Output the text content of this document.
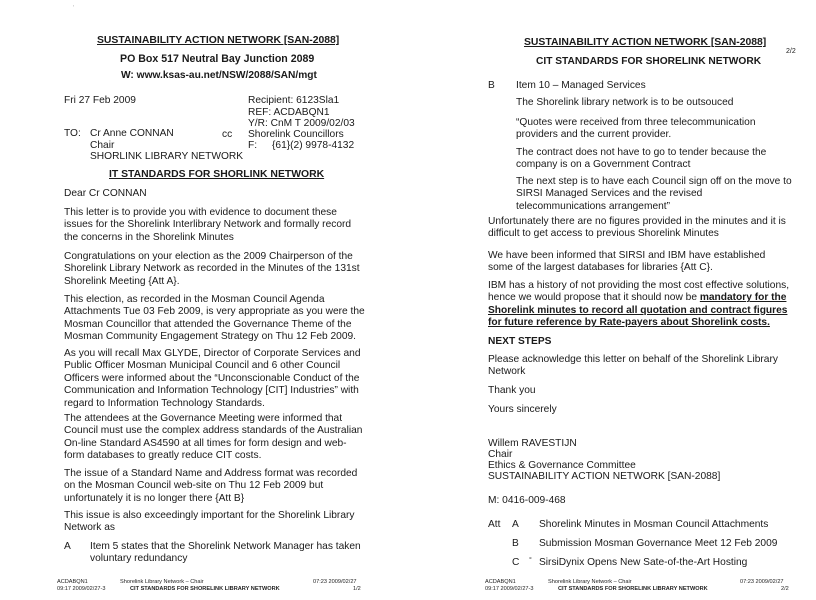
ˈ
SUSTAINABILITY ACTION NETWORK [SAN-2088]
PO Box 517 Neutral Bay Junction 2089
W: www.ksas-au.net/NSW/2088/SAN/mgt
Fri 27 Feb 2009	Recipient: 6123Sla1
REF: ACDABQN1
Y/R: CnM T 2009/02/03
TO: Cr Anne CONNAN	cc Shorelink Councillors
Chair	F: {61}(2) 9978-4132
SHORLINK LIBRARY NETWORK
IT STANDARDS FOR SHORLINK NETWORK
Dear Cr CONNAN
This letter is to provide you with evidence to document these
issues for the Shorelink Interlibrary Network and formally record
the concerns in the Shorelink Minutes
Congratulations on your election as the 2009 Chairperson of the
Shorelink Library Network as recorded in the Minutes of the 131st
Shorelink Meeting {Att A}.
This election, as recorded in the Mosman Council Agenda
Attachments Tue 03 Feb 2009, is very appropriate as you were the
Mosman Councillor that attended the Governance Theme of the
Mosman Community Engagement Strategy on Thu 12 Feb 2009.
As you will recall Max GLYDE, Director of Corporate Services and
Public Officer Mosman Municipal Council and 6 other Council
Officers were informed about the “Unconscionable Conduct of the
Communication and Information Technology [CIT] Industries” with
regard to Information Technology Standards.
The attendees at the Governance Meeting were informed that
Council must use the complex address standards of the Australian
On-line Standard AS4590 at all times for form design and web-
form databases to greatly reduce CIT costs.
The issue of a Standard Name and Address format was recorded
on the Mosman Council web-site on Thu 12 Feb 2009 but
unfortunately it is no longer there {Att B}
This issue is also exceedingly important for the Shorelink Library
Network as
A Item 5 states that the Shorelink Network Manager has taken
voluntary redundancy
ACDABQN1
09:17 2009/02/27-3
Shorelink Library Network – Chair
CIT STANDARDS FOR SHORELINK LIBRARY NETWORK
07:23 2009/02/27
1/2
SUSTAINABILITY ACTION NETWORK [SAN-2088]
2/2
CIT STANDARDS FOR SHORELINK NETWORK
B Item 10 – Managed Services
The Shorelink library network is to be outsouced
“Quotes were received from three telecommunication
providers and the current provider.
The contract does not have to go to tender because the
company is on a Government Contract
The next step is to have each Council sign off on the move to
SIRSI Managed Services and the revised
telecommunications arrangement”
Unfortunately there are no figures provided in the minutes and it is
difficult to get access to previous Shorelink Minutes
We have been informed that SIRSI and IBM have established
some of the largest databases for libraries {Att C}.
IBM has a history of not providing the most cost effective solutions,
hence we would propose that it should now be mandatory for the
Shorelink minutes to record all quotation and contract figures
for future reference by Rate-payers about Shorelink costs.
NEXT STEPS
Please acknowledge this letter on behalf of the Shorelink Library
Network
Thank you
Yours sincerely
Willem RAVESTIJN
Chair
Ethics & Governance Committee
SUSTAINABILITY ACTION NETWORK [SAN-2088]
M: 0416-009-468
Att A Shorelink Minutes in Mosman Council Attachments
B Submission Mosman Governance Meet 12 Feb 2009
C ° SirsiDynix Opens New Sate-of-the-Art Hosting
ACDABQN1
09:17 2009/02/27-3
Shorelink Library Network – Chair
CIT STANDARDS FOR SHORELINK LIBRARY NETWORK
07:23 2009/02/27
2/2
